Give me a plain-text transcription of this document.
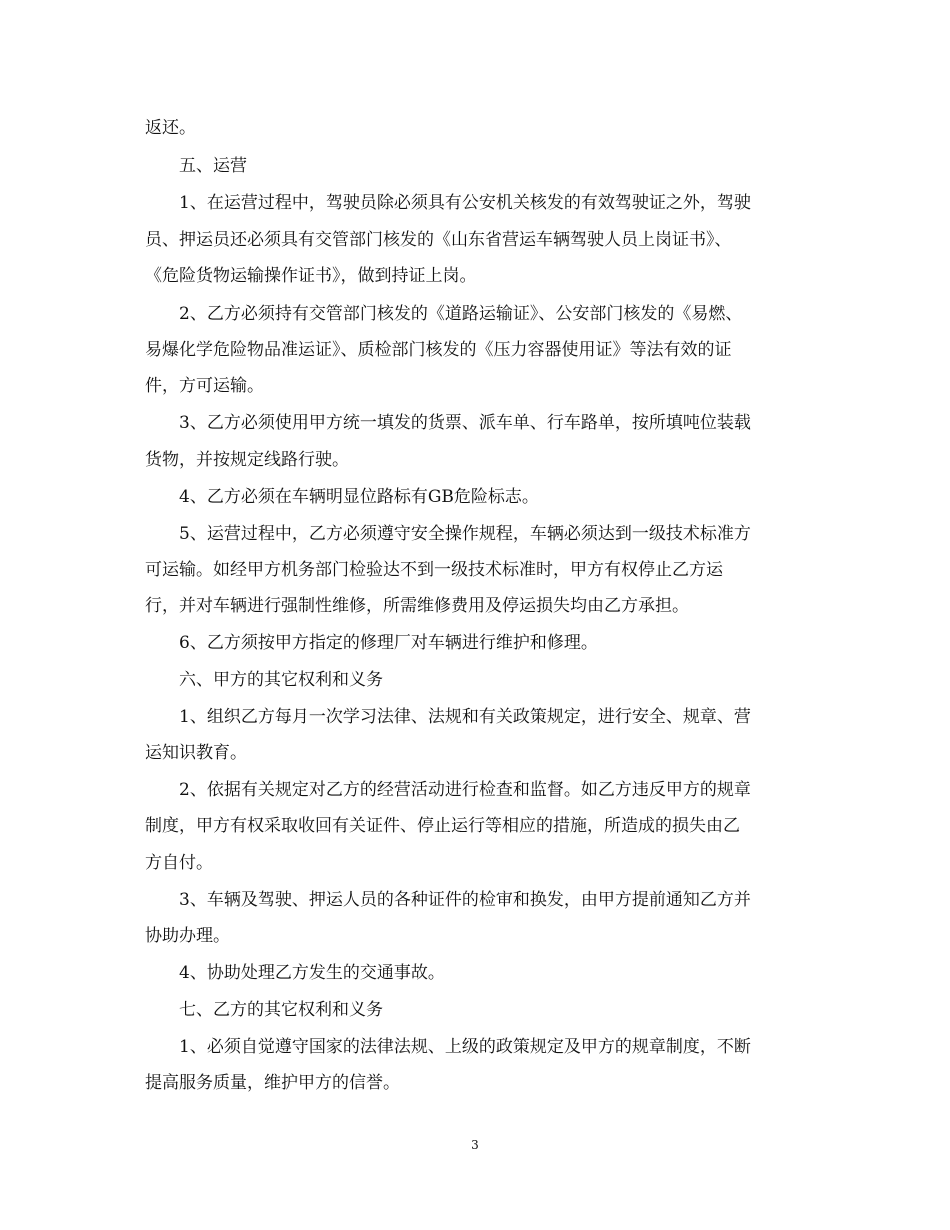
返还。
五、运营
1、在运营过程中，驾驶员除必须具有公安机关核发的有效驾驶证之外，驾驶
员、押运员还必须具有交管部门核发的《山东省营运车辆驾驶人员上岗证书》、
《危险货物运输操作证书》，做到持证上岗。
2、乙方必须持有交管部门核发的《道路运输证》、公安部门核发的《易燃、
易爆化学危险物品准运证》、质检部门核发的《压力容器使用证》等法有效的证
件，方可运输。
3、乙方必须使用甲方统一填发的货票、派车单、行车路单，按所填吨位装载
货物，并按规定线路行驶。
4、乙方必须在车辆明显位路标有GB危险标志。
5、运营过程中，乙方必须遵守安全操作规程，车辆必须达到一级技术标准方
可运输。如经甲方机务部门检验达不到一级技术标准时，甲方有权停止乙方运
行，并对车辆进行强制性维修，所需维修费用及停运损失均由乙方承担。
6、乙方须按甲方指定的修理厂对车辆进行维护和修理。
六、甲方的其它权利和义务
1、组织乙方每月一次学习法律、法规和有关政策规定，进行安全、规章、营
运知识教育。
2、依据有关规定对乙方的经营活动进行检查和监督。如乙方违反甲方的规章
制度，甲方有权采取收回有关证件、停止运行等相应的措施，所造成的损失由乙
方自付。
3、车辆及驾驶、押运人员的各种证件的检审和换发，由甲方提前通知乙方并
协助办理。
4、协助处理乙方发生的交通事故。
七、乙方的其它权利和义务
1、必须自觉遵守国家的法律法规、上级的政策规定及甲方的规章制度，不断
提高服务质量，维护甲方的信誉。
3
